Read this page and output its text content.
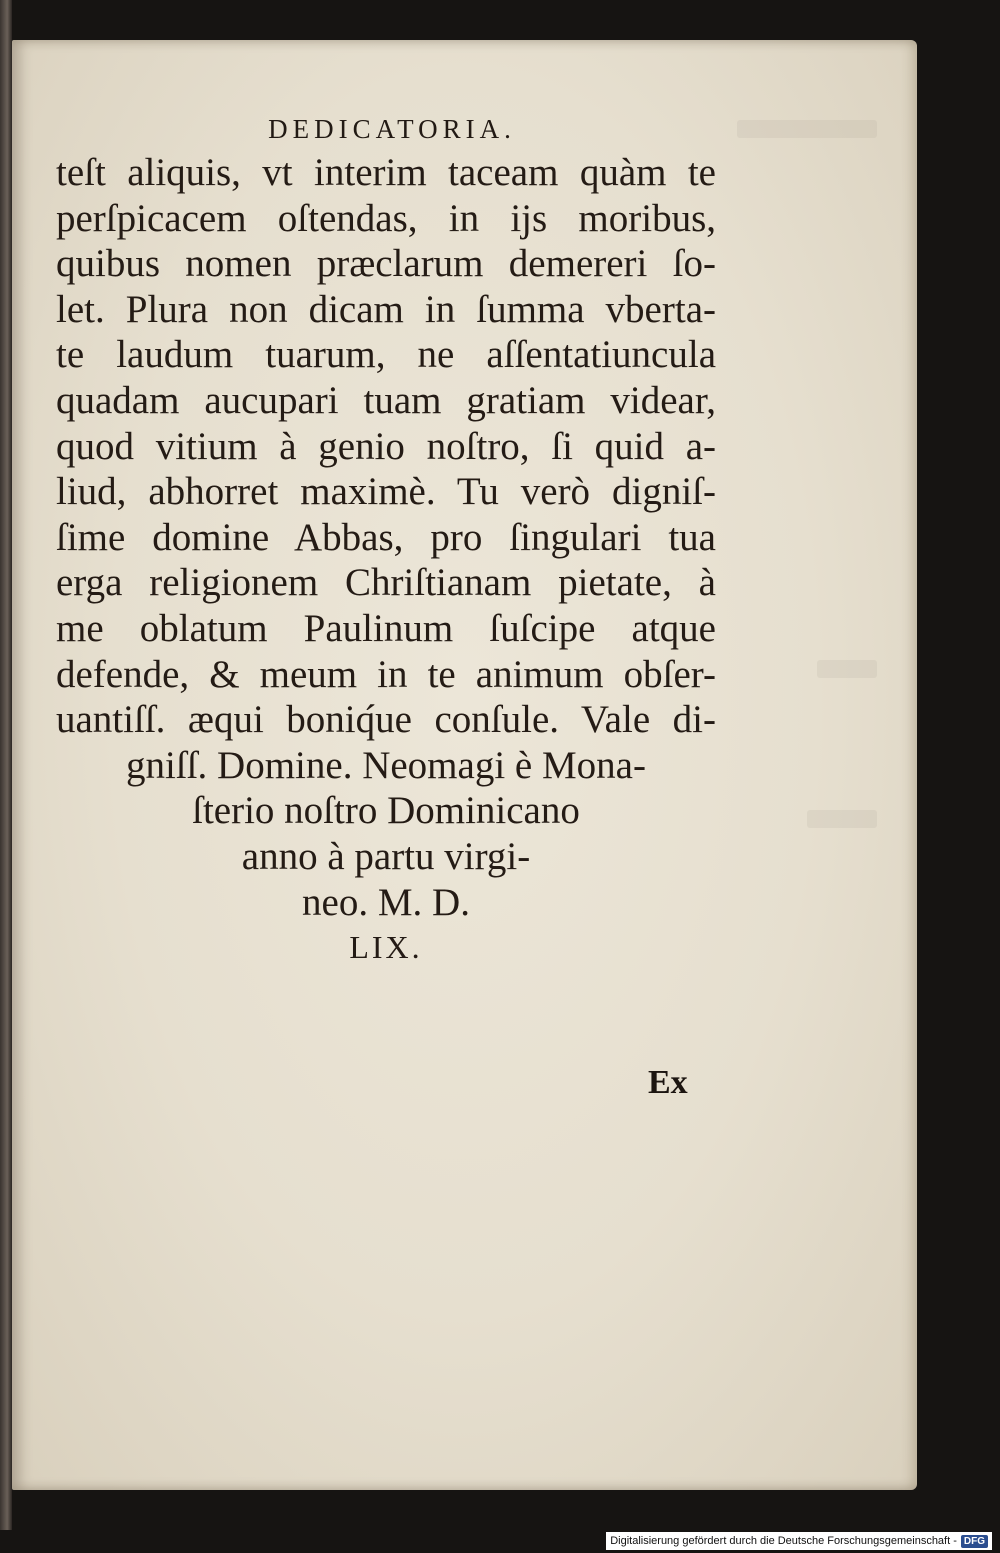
DEDICATORIA.
teſt aliquis, vt interim taceam quàm te
perſpicacem oſtendas, in ijs moribus,
quibus nomen præclarum demereri ſo-
let. Plura non dicam in ſumma vberta-
te laudum tuarum, ne aſſentatiuncula
quadam aucupari tuam gratiam videar,
quod vitium à genio noſtro, ſi quid a-
liud, abhorret maximè. Tu verò digniſ-
ſime domine Abbas, pro ſingulari tua
erga religionem Chriſtianam pietate, à
me oblatum Paulinum ſuſcipe atque
defende, & meum in te animum obſer-
uantiſſ. æqui boniq́ue conſule. Vale di-
gniſſ. Domine. Neomagi è Mona-
ſterio noſtro Dominicano
anno à partu virgi-
neo. M. D.
LIX.
Ex
Digitalisierung gefördert durch die Deutsche Forschungsgemeinschaft - DFG
